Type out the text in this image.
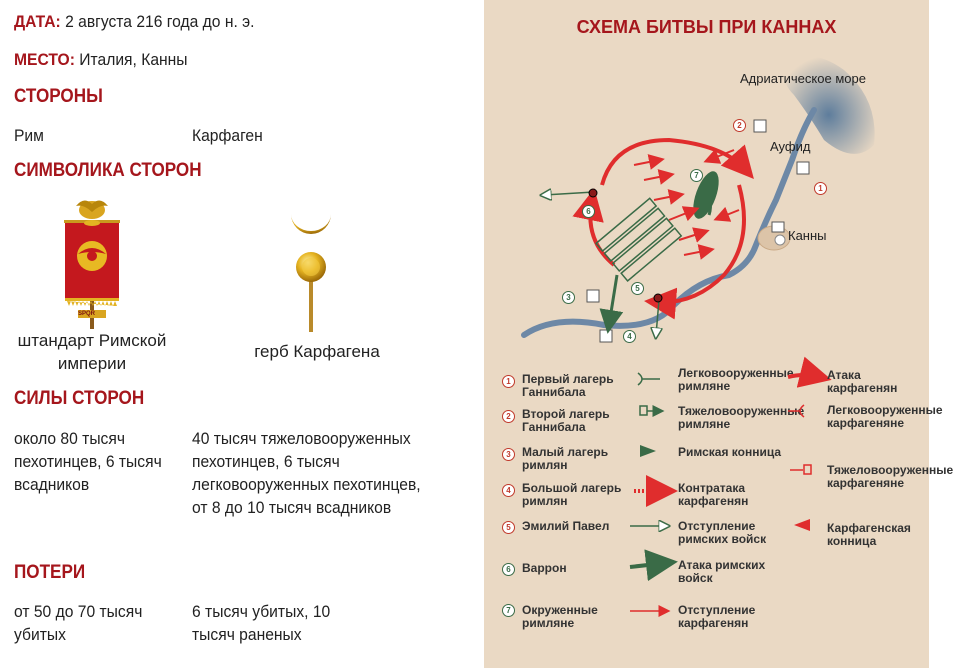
ДАТА: 2 августа 216 года до н. э.
МЕСТО: Италия, Канны
СТОРОНЫ
Рим	Карфаген
СИМВОЛИКА СТОРОН
SPQR
штандарт Римской империи
герб Карфагена
СИЛЫ СТОРОН
около 80 тысяч пехотинцев, 6 тысяч всадников
40 тысяч тяжеловооруженных пехотинцев, 6 тысяч легковооруженных пехотинцев, от 8 до 10 тысяч всадников
ПОТЕРИ
от 50 до 70 тысяч убитых
6 тысяч убитых, 10 тысяч раненых
СХЕМА БИТВЫ ПРИ КАННАХ
Адриатическое море
Ауфид
Канны
2
1
6
3
4
5
7
1 Первый лагерь Ганнибала
2 Второй лагерь Ганнибала
3 Малый лагерь римлян
4 Большой лагерь римлян
5 Эмилий Павел
6 Варрон
7 Окруженные римляне
Легковооруженные римляне
Тяжеловооруженные римляне
Римская конница
Контратака карфагенян
Отступление римских войск
Атака римских войск
Отступление карфагенян
Атака карфагенян
Легковооруженные карфагеняне
Тяжеловооруженные карфагеняне
Карфагенская конница
